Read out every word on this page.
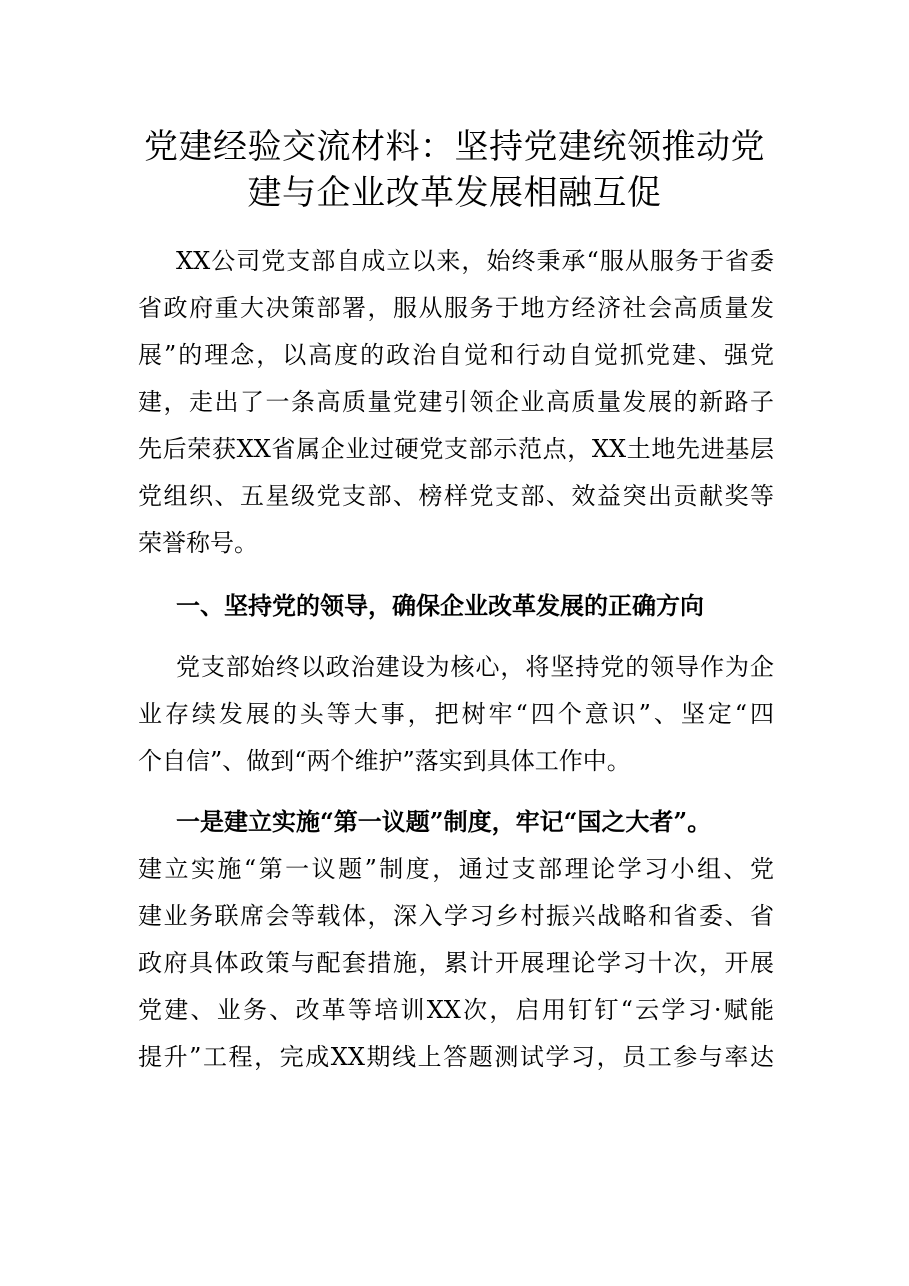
党建经验交流材料：坚持党建统领推动党
建与企业改革发展相融互促
XX公司党支部自成立以来，始终秉承“服从服务于省委
省政府重大决策部署，服从服务于地方经济社会高质量发
展”的理念，以高度的政治自觉和行动自觉抓党建、强党
建，走出了一条高质量党建引领企业高质量发展的新路子
先后荣获XX省属企业过硬党支部示范点，XX土地先进基层
党组织、五星级党支部、榜样党支部、效益突出贡献奖等
荣誉称号。
一、坚持党的领导，确保企业改革发展的正确方向
党支部始终以政治建设为核心，将坚持党的领导作为企
业存续发展的头等大事，把树牢“四个意识”、坚定“四
个自信”、做到“两个维护”落实到具体工作中。
一是建立实施“第一议题”制度，牢记“国之大者”。
建立实施“第一议题”制度，通过支部理论学习小组、党
建业务联席会等载体，深入学习乡村振兴战略和省委、省
政府具体政策与配套措施，累计开展理论学习十次，开展
党建、业务、改革等培训XX次，启用钉钉“云学习·赋能
提升”工程，完成XX期线上答题测试学习，员工参与率达
